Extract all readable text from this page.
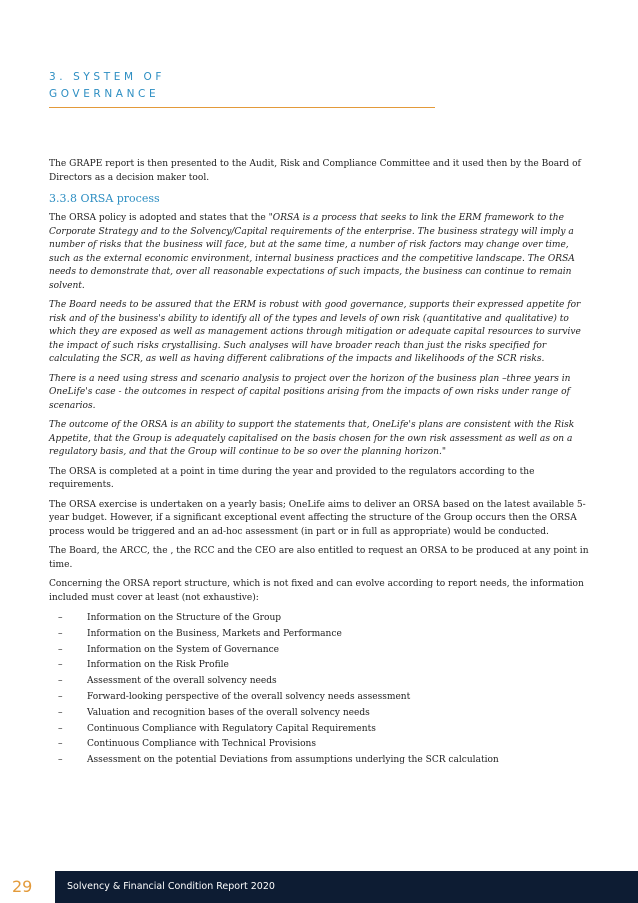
3. SYSTEM OF
GOVERNANCE

The GRAPE report is then presented to the Audit, Risk and Compliance Committee and it used then by the Board of Directors as a decision maker tool.

3.3.8 ORSA process

The ORSA policy is adopted and states that the "ORSA is a process that seeks to link the ERM framework to the Corporate Strategy and to the Solvency/Capital requirements of the enterprise. The business strategy will imply a number of risks that the business will face, but at the same time, a number of risk factors may change over time, such as the external economic environment, internal business practices and the competitive landscape. The ORSA needs to demonstrate that, over all reasonable expectations of such impacts, the business can continue to remain solvent.

The Board needs to be assured that the ERM is robust with good governance, supports their expressed appetite for risk and of the business's ability to identify all of the types and levels of own risk (quantitative and qualitative) to which they are exposed as well as management actions through mitigation or adequate capital resources to survive the impact of such risks crystallising. Such analyses will have broader reach than just the risks specified for calculating the SCR, as well as having different calibrations of the impacts and likelihoods of the SCR risks.

There is a need using stress and scenario analysis to project over the horizon of the business plan –three years in OneLife's case - the outcomes in respect of capital positions arising from the impacts of own risks under range of scenarios.

The outcome of the ORSA is an ability to support the statements that, OneLife's plans are consistent with the Risk Appetite, that the Group is adequately capitalised on the basis chosen for the own risk assessment as well as on a regulatory basis, and that the Group will continue to be so over the planning horizon."

The ORSA is completed at a point in time during the year and provided to the regulators according to the requirements.

The ORSA exercise is undertaken on a yearly basis; OneLife aims to deliver an ORSA based on the latest available 5-year budget. However, if a significant exceptional event affecting the structure of the Group occurs then the ORSA process would be triggered and an ad-hoc assessment (in part or in full as appropriate) would be conducted.

The Board, the ARCC, the , the RCC and the CEO are also entitled to request an ORSA to be produced at any point in time.

Concerning the ORSA report structure, which is not fixed and can evolve according to report needs, the information included must cover at least (not exhaustive):

–	Information on the Structure of the Group
–	Information on the Business, Markets and Performance
–	Information on the System of Governance
–	Information on the Risk Profile
–	Assessment of the overall solvency needs
–	Forward-looking perspective of the overall solvency needs assessment
–	Valuation and recognition bases of the overall solvency needs
–	Continuous Compliance with Regulatory Capital Requirements
–	Continuous Compliance with Technical Provisions
–	Assessment on the potential Deviations from assumptions underlying the SCR calculation
29	Solvency & Financial Condition Report 2020
